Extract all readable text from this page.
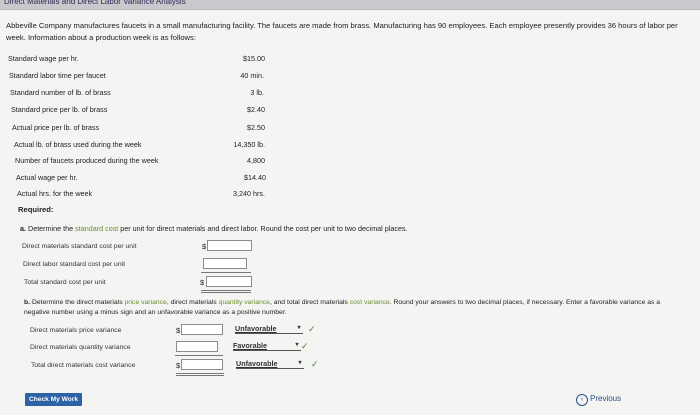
Direct Materials and Direct Labor Variance Analysis
Abbeville Company manufactures faucets in a small manufacturing facility. The faucets are made from brass. Manufacturing has 90 employees. Each employee presently provides 36 hours of labor per week. Information about a production week is as follows:
Standard wage per hr.	$15.00
Standard labor time per faucet	40 min.
Standard number of lb. of brass	3 lb.
Standard price per lb. of brass	$2.40
Actual price per lb. of brass	$2.50
Actual lb. of brass used during the week	14,350 lb.
Number of faucets produced during the week	4,800
Actual wage per hr.	$14.40
Actual hrs. for the week	3,240 hrs.
Required:
a. Determine the standard cost per unit for direct materials and direct labor. Round the cost per unit to two decimal places.
Direct materials standard cost per unit	$
Direct labor standard cost per unit
Total standard cost per unit	$
b. Determine the direct materials price variance, direct materials quantity variance, and total direct materials cost variance. Round your answers to two decimal places, if necessary. Enter a favorable variance as a negative number using a minus sign and an unfavorable variance as a positive number.
Direct materials price variance	$	Unfavorable	▾ ✓
Direct materials quantity variance	Favorable	▾ ✓
Total direct materials cost variance	$	Unfavorable	▾ ✓
Check My Work	‹ Previous
